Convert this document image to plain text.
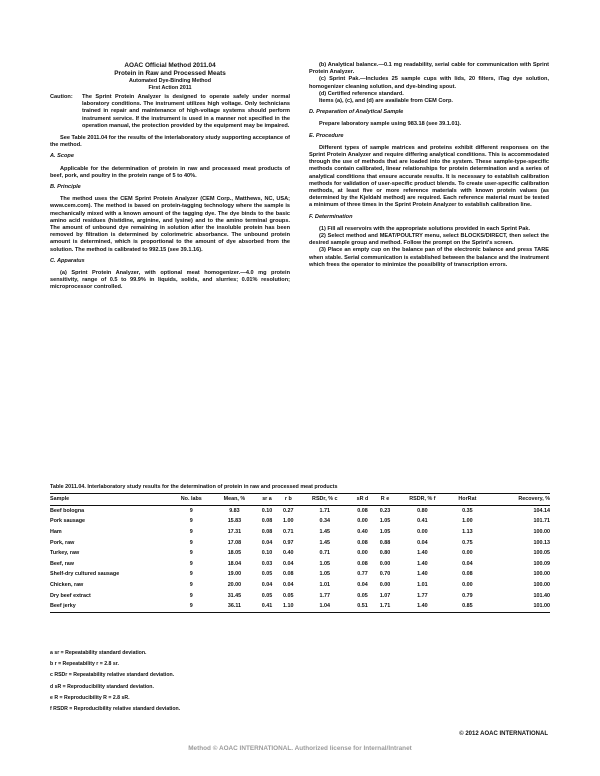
AOAC Official Method 2011.04
Protein in Raw and Processed Meats
Automated Dye-Binding Method
First Action 2011
Caution:	The Sprint Protein Analyzer is designed to operate safely under normal laboratory conditions. The instrument utilizes high voltage. Only technicians trained in repair and maintenance of high-voltage systems should perform instrument service. If the instrument is used in a manner not specified in the operation manual, the protection provided by the equipment may be impaired.

See Table 2011.04 for the results of the interlaboratory study supporting acceptance of the method.

A. Scope

Applicable for the determination of protein in raw and processed meat products of beef, pork, and poultry in the protein range of 5 to 40%.

B. Principle

The method uses the CEM Sprint Protein Analyzer (CEM Corp., Matthews, NC, USA; www.cem.com). The method is based on protein-tagging technology where the sample is mechanically mixed with a known amount of the tagging dye. The dye binds to the basic amino acid residues (histidine, arginine, and lysine) and to the amino terminal groups. The amount of unbound dye remaining in solution after the insoluble protein has been removed by filtration is determined by colorimetric absorbance. The unbound protein amount is determined, which is proportional to the amount of dye absorbed from the solution. The method is calibrated to 992.15 (see 39.1.16).

C. Apparatus

(a) Sprint Protein Analyzer, with optional meat homogenizer.—4.0 mg protein sensitivity, range of 0.5 to 99.9% in liquids, solids, and slurries; 0.01% resolution; microprocessor controlled.

(b) Analytical balance.—0.1 mg readability, serial cable for communication with Sprint Protein Analyzer.

(c) Sprint Pak.—Includes 25 sample cups with lids, 20 filters, iTag dye solution, homogenizer cleaning solution, and dye-binding spout.

(d) Certified reference standard.

Items (a), (c), and (d) are available from CEM Corp.

D. Preparation of Analytical Sample

Prepare laboratory sample using 983.18 (see 39.1.01).

E. Procedure

Different types of sample matrices and proteins exhibit different responses on the Sprint Protein Analyzer and require differing analytical conditions. This is accommodated through the use of methods that are loaded into the system. These sample-type-specific methods contain calibrated, linear relationships for protein determination and a series of analytical conditions that ensure accurate results. It is necessary to establish calibration methods for validation of user-specific product blends. To create user-specific calibration methods, at least five or more reference materials with known protein values (as determined by the Kjeldahl method) are required. Each reference material must be tested a minimum of three times in the Sprint Protein Analyzer to establish calibration line.

F. Determination

(1) Fill all reservoirs with the appropriate solutions provided in each Sprint Pak.

(2) Select method and MEAT/POULTRY menu, select BLOCKS/DIRECT, then select the desired sample group and method. Follow the prompt on the Sprint's screen.

(3) Place an empty cup on the balance pan of the electronic balance and press TARE when stable. Serial communication is established between the balance and the instrument which frees the operator to minimize the possibility of transcription errors.

Table 2011.04. Interlaboratory study results for the determination of protein in raw and processed meat products
Sample	No. labs	Mean, %	sr a	r b	RSDr, % c	sR d	R e	RSDR, % f	HorRat	Recovery, %
Beef bologna	9	9.83	0.10	0.27	1.71	0.08	0.23	0.80	0.35	104.14
Pork sausage	9	15.83	0.08	1.00	0.34	0.00	1.05	0.41	1.00	101.71
Ham	9	17.31	0.08	0.71	1.45	0.40	1.05	0.00	1.13	100.00
Pork, raw	9	17.08	0.04	0.97	1.45	0.08	0.88	0.04	0.75	100.13
Turkey, raw	9	18.05	0.10	0.40	0.71	0.00	0.80	1.40	0.00	100.05
Beef, raw	9	18.04	0.03	0.04	1.05	0.08	0.00	1.40	0.04	100.09
Shelf-dry cultured sausage	9	19.00	0.05	0.08	1.05	0.77	0.70	1.40	0.08	100.00
Chicken, raw	9	20.00	0.04	0.04	1.01	0.04	0.00	1.01	0.00	100.00
Dry beef extract	9	31.45	0.05	0.05	1.77	0.05	1.07	1.77	0.79	101.40
Beef jerky	9	36.11	0.41	1.10	1.04	0.51	1.71	1.40	0.85	101.00
a sr = Repeatability standard deviation.
b r = Repeatability r = 2.8 sr.
c RSDr = Repeatability relative standard deviation.
d sR = Reproducibility standard deviation.
e R = Reproducibility R = 2.8 sR.
f RSDR = Reproducibility relative standard deviation.
© 2012 AOAC INTERNATIONAL
Method © AOAC INTERNATIONAL. Authorized license for Internal/Intranet
